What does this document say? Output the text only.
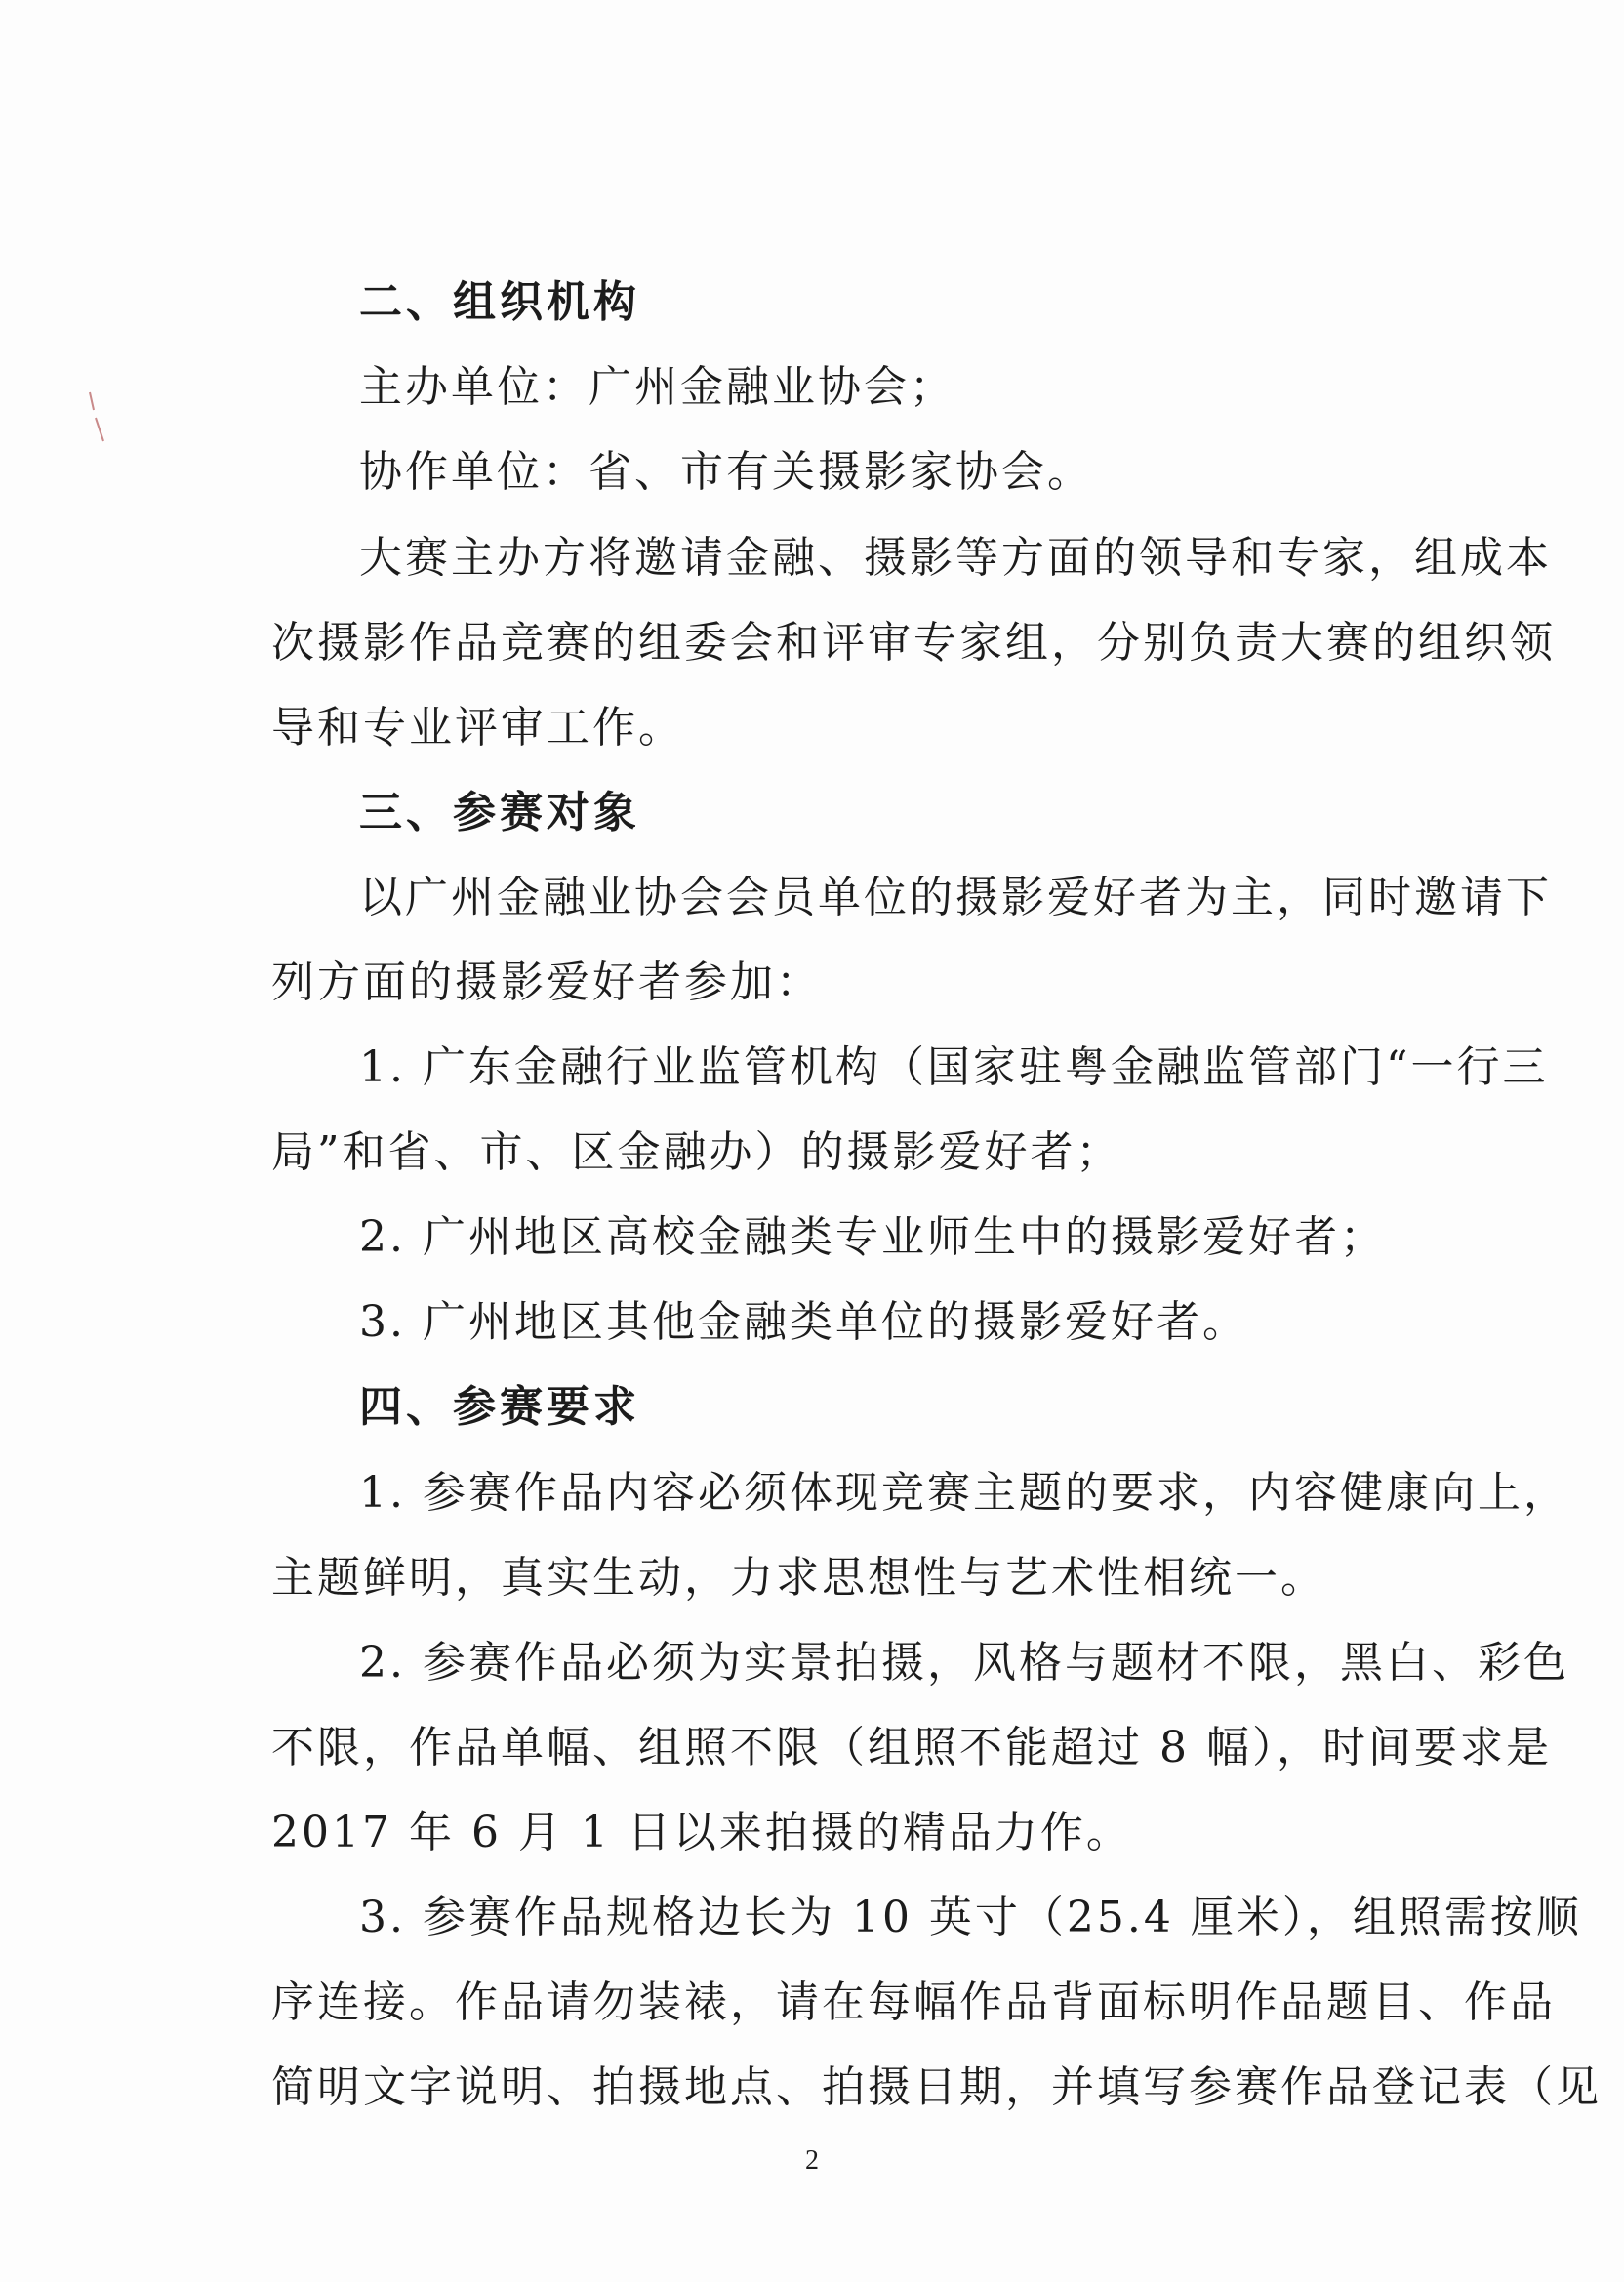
二、组织机构
主办单位：广州金融业协会；
协作单位：省、市有关摄影家协会。
大赛主办方将邀请金融、摄影等方面的领导和专家，组成本
次摄影作品竞赛的组委会和评审专家组，分别负责大赛的组织领
导和专业评审工作。
三、参赛对象
以广州金融业协会会员单位的摄影爱好者为主，同时邀请下
列方面的摄影爱好者参加：
1. 广东金融行业监管机构（国家驻粤金融监管部门“一行三
局”和省、市、区金融办）的摄影爱好者；
2. 广州地区高校金融类专业师生中的摄影爱好者；
3. 广州地区其他金融类单位的摄影爱好者。
四、参赛要求
1. 参赛作品内容必须体现竞赛主题的要求，内容健康向上，
主题鲜明，真实生动，力求思想性与艺术性相统一。
2. 参赛作品必须为实景拍摄，风格与题材不限，黑白、彩色
不限，作品单幅、组照不限（组照不能超过 8 幅），时间要求是
2017 年 6 月 1 日以来拍摄的精品力作。
3. 参赛作品规格边长为 10 英寸（25.4 厘米），组照需按顺
序连接。作品请勿装裱，请在每幅作品背面标明作品题目、作品
简明文字说明、拍摄地点、拍摄日期，并填写参赛作品登记表（见
2
